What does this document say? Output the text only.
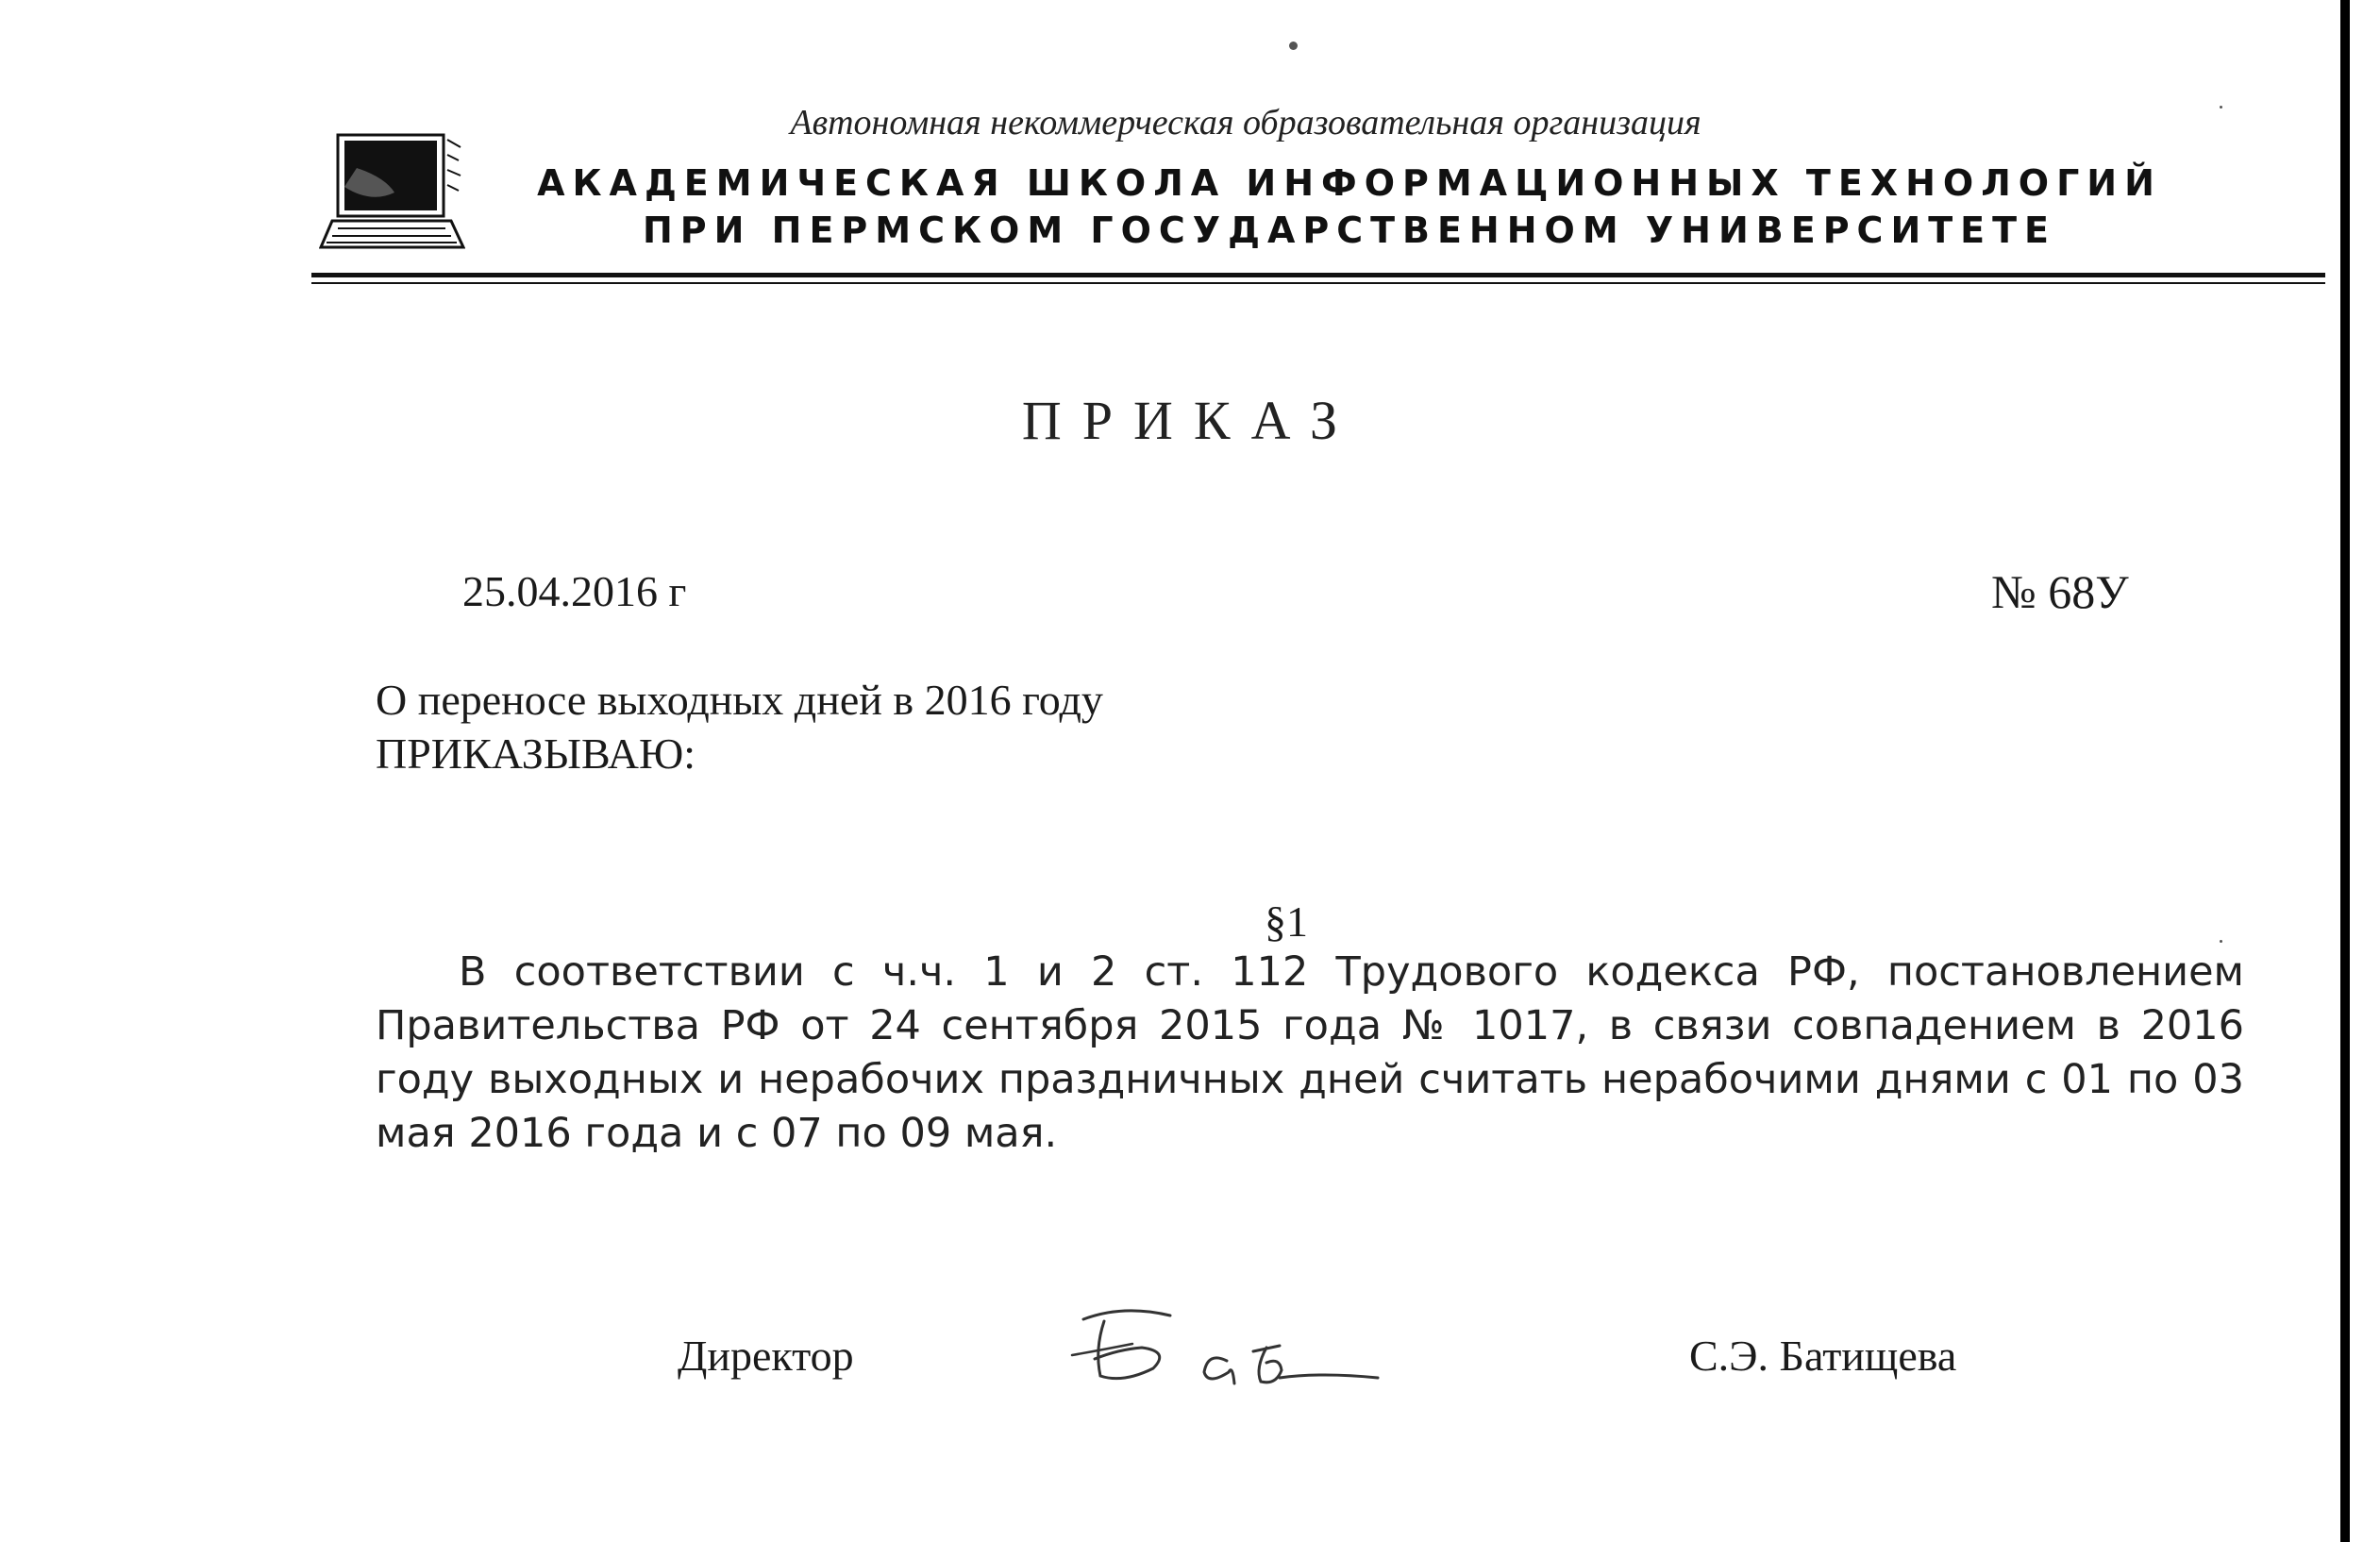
Автономная некоммерческая образовательная организация
АКАДЕМИЧЕСКАЯ ШКОЛА ИНФОРМАЦИОННЫХ ТЕХНОЛОГИЙ
ПРИ ПЕРМСКОМ ГОСУДАРСТВЕННОМ УНИВЕРСИТЕТЕ
ПРИКАЗ
25.04.2016 г	№ 68У
О переносе выходных дней в 2016 году
ПРИКАЗЫВАЮ:
§1
В соответствии с ч.ч. 1 и 2 ст. 112 Трудового кодекса РФ, постановлением Правительства РФ от 24 сентября 2015 года № 1017, в связи совпадением в 2016 году выходных и нерабочих праздничных дней считать нерабочими днями с 01 по 03 мая 2016 года и с 07 по 09 мая.
Директор	С.Э. Батищева
